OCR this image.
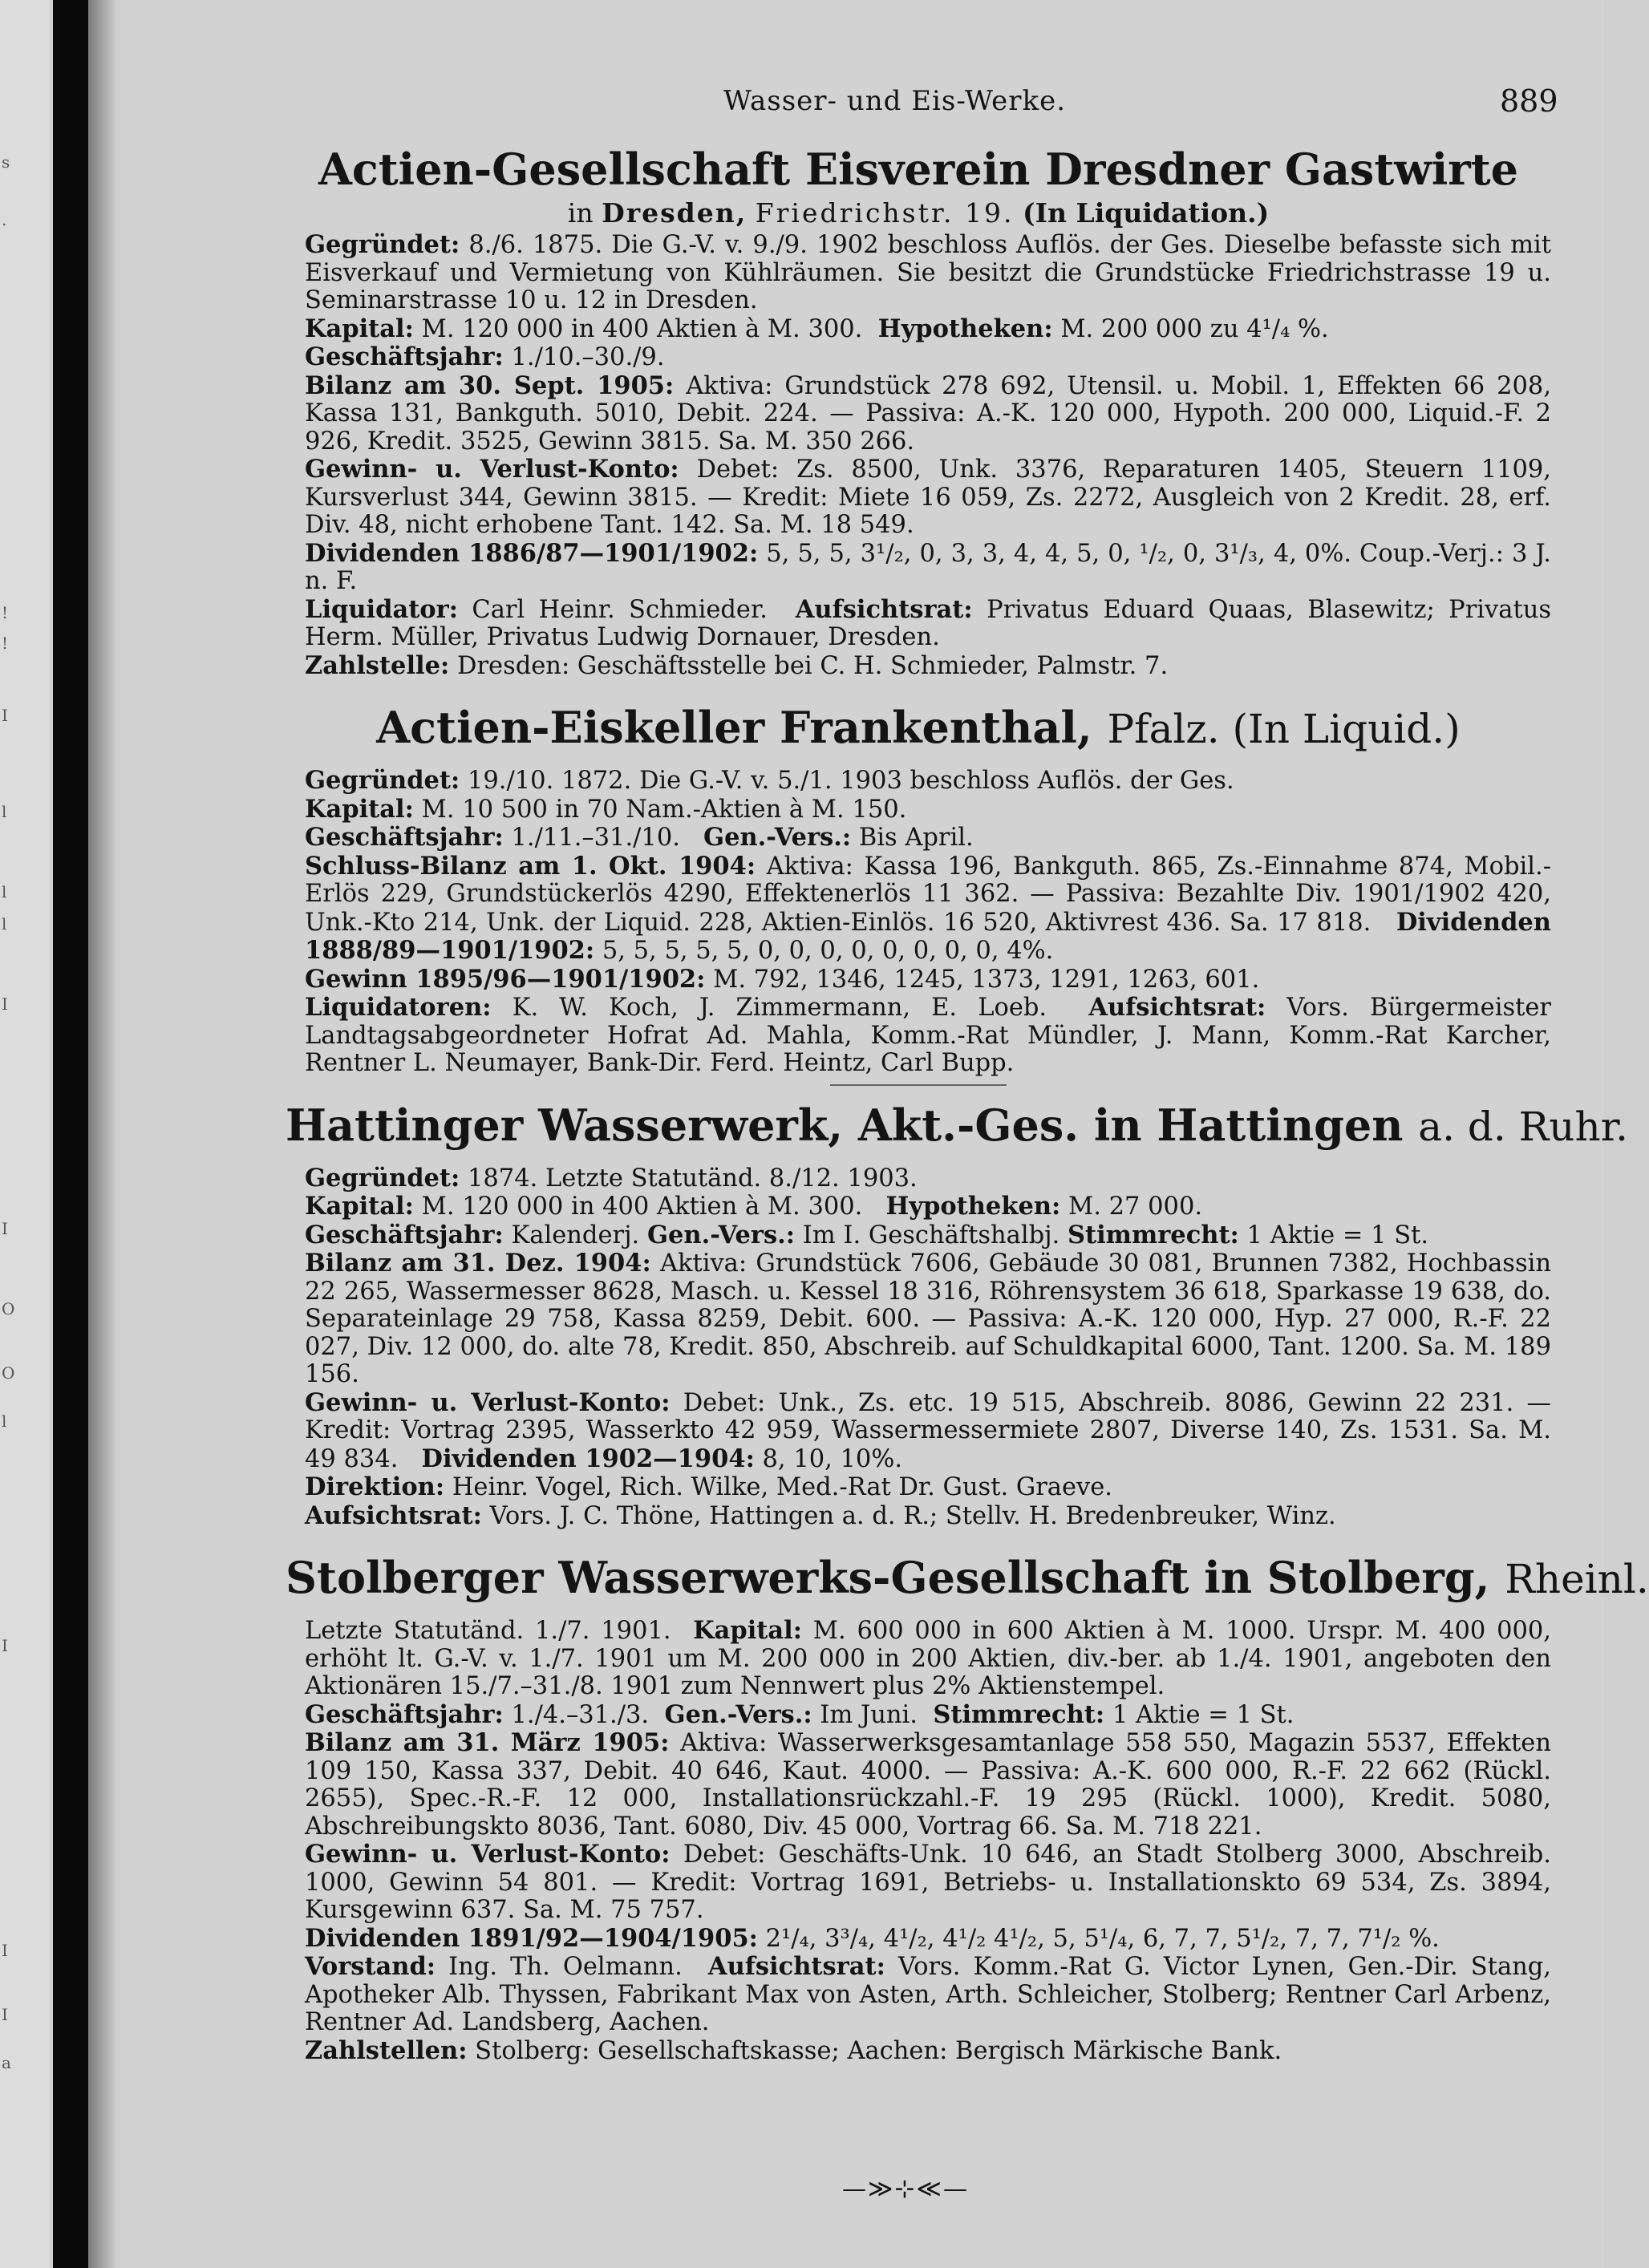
s
.
!
!
I
l
l
l
I
I
O
O
l
I
I
I
a
Wasser- und Eis-Werke.	889
Actien-Gesellschaft Eisverein Dresdner Gastwirte
in Dresden, Friedrichstr. 19. (In Liquidation.)

Gegründet: 8./6. 1875. Die G.-V. v. 9./9. 1902 beschloss Auflös. der Ges. Dieselbe befasste sich mit Eisverkauf und Vermietung von Kühlräumen. Sie besitzt die Grundstücke Friedrichstrasse 19 u. Seminarstrasse 10 u. 12 in Dresden.

Kapital: M. 120 000 in 400 Aktien à M. 300. Hypotheken: M. 200 000 zu 4¹/₄ %.

Geschäftsjahr: 1./10.–30./9.

Bilanz am 30. Sept. 1905: Aktiva: Grundstück 278 692, Utensil. u. Mobil. 1, Effekten 66 208, Kassa 131, Bankguth. 5010, Debit. 224. — Passiva: A.-K. 120 000, Hypoth. 200 000, Liquid.-F. 2 926, Kredit. 3525, Gewinn 3815. Sa. M. 350 266.

Gewinn- u. Verlust-Konto: Debet: Zs. 8500, Unk. 3376, Reparaturen 1405, Steuern 1109, Kursverlust 344, Gewinn 3815. — Kredit: Miete 16 059, Zs. 2272, Ausgleich von 2 Kredit. 28, erf. Div. 48, nicht erhobene Tant. 142. Sa. M. 18 549.

Dividenden 1886/87—1901/1902: 5, 5, 5, 3¹/₂, 0, 3, 3, 4, 4, 5, 0, ¹/₂, 0, 3¹/₃, 4, 0%. Coup.-Verj.: 3 J. n. F.

Liquidator: Carl Heinr. Schmieder. Aufsichtsrat: Privatus Eduard Quaas, Blasewitz; Privatus Herm. Müller, Privatus Ludwig Dornauer, Dresden.

Zahlstelle: Dresden: Geschäftsstelle bei C. H. Schmieder, Palmstr. 7.

Actien-Eiskeller Frankenthal, Pfalz. (In Liquid.)

Gegründet: 19./10. 1872. Die G.-V. v. 5./1. 1903 beschloss Auflös. der Ges.

Kapital: M. 10 500 in 70 Nam.-Aktien à M. 150.

Geschäftsjahr: 1./11.–31./10. Gen.-Vers.: Bis April.

Schluss-Bilanz am 1. Okt. 1904: Aktiva: Kassa 196, Bankguth. 865, Zs.-Einnahme 874, Mobil.-Erlös 229, Grundstückerlös 4290, Effektenerlös 11 362. — Passiva: Bezahlte Div. 1901/1902 420, Unk.-Kto 214, Unk. der Liquid. 228, Aktien-Einlös. 16 520, Aktivrest 436. Sa. 17 818. Dividenden 1888/89—1901/1902: 5, 5, 5, 5, 5, 0, 0, 0, 0, 0, 0, 0, 0, 4%.

Gewinn 1895/96—1901/1902: M. 792, 1346, 1245, 1373, 1291, 1263, 601.

Liquidatoren: K. W. Koch, J. Zimmermann, E. Loeb. Aufsichtsrat: Vors. Bürgermeister Landtagsabgeordneter Hofrat Ad. Mahla, Komm.-Rat Mündler, J. Mann, Komm.-Rat Karcher, Rentner L. Neumayer, Bank-Dir. Ferd. Heintz, Carl Bupp.

Hattinger Wasserwerk, Akt.-Ges. in Hattingen a. d. Ruhr.

Gegründet: 1874. Letzte Statutänd. 8./12. 1903.

Kapital: M. 120 000 in 400 Aktien à M. 300. Hypotheken: M. 27 000.

Geschäftsjahr: Kalenderj. Gen.-Vers.: Im I. Geschäftshalbj. Stimmrecht: 1 Aktie = 1 St.

Bilanz am 31. Dez. 1904: Aktiva: Grundstück 7606, Gebäude 30 081, Brunnen 7382, Hochbassin 22 265, Wassermesser 8628, Masch. u. Kessel 18 316, Röhrensystem 36 618, Sparkasse 19 638, do. Separateinlage 29 758, Kassa 8259, Debit. 600. — Passiva: A.-K. 120 000, Hyp. 27 000, R.-F. 22 027, Div. 12 000, do. alte 78, Kredit. 850, Abschreib. auf Schuldkapital 6000, Tant. 1200. Sa. M. 189 156.

Gewinn- u. Verlust-Konto: Debet: Unk., Zs. etc. 19 515, Abschreib. 8086, Gewinn 22 231. — Kredit: Vortrag 2395, Wasserkto 42 959, Wassermessermiete 2807, Diverse 140, Zs. 1531. Sa. M. 49 834. Dividenden 1902—1904: 8, 10, 10%.

Direktion: Heinr. Vogel, Rich. Wilke, Med.-Rat Dr. Gust. Graeve.

Aufsichtsrat: Vors. J. C. Thöne, Hattingen a. d. R.; Stellv. H. Bredenbreuker, Winz.

Stolberger Wasserwerks-Gesellschaft in Stolberg, Rheinl.

Letzte Statutänd. 1./7. 1901. Kapital: M. 600 000 in 600 Aktien à M. 1000. Urspr. M. 400 000, erhöht lt. G.-V. v. 1./7. 1901 um M. 200 000 in 200 Aktien, div.-ber. ab 1./4. 1901, angeboten den Aktionären 15./7.–31./8. 1901 zum Nennwert plus 2% Aktienstempel.

Geschäftsjahr: 1./4.–31./3. Gen.-Vers.: Im Juni. Stimmrecht: 1 Aktie = 1 St.

Bilanz am 31. März 1905: Aktiva: Wasserwerksgesamtanlage 558 550, Magazin 5537, Effekten 109 150, Kassa 337, Debit. 40 646, Kaut. 4000. — Passiva: A.-K. 600 000, R.-F. 22 662 (Rückl. 2655), Spec.-R.-F. 12 000, Installationsrückzahl.-F. 19 295 (Rückl. 1000), Kredit. 5080, Abschreibungskto 8036, Tant. 6080, Div. 45 000, Vortrag 66. Sa. M. 718 221.

Gewinn- u. Verlust-Konto: Debet: Geschäfts-Unk. 10 646, an Stadt Stolberg 3000, Abschreib. 1000, Gewinn 54 801. — Kredit: Vortrag 1691, Betriebs- u. Installationskto 69 534, Zs. 3894, Kursgewinn 637. Sa. M. 75 757.

Dividenden 1891/92—1904/1905: 2¹/₄, 3³/₄, 4¹/₂, 4¹/₂ 4¹/₂, 5, 5¹/₄, 6, 7, 7, 5¹/₂, 7, 7, 7¹/₂ %.

Vorstand: Ing. Th. Oelmann. Aufsichtsrat: Vors. Komm.-Rat G. Victor Lynen, Gen.-Dir. Stang, Apotheker Alb. Thyssen, Fabrikant Max von Asten, Arth. Schleicher, Stolberg; Rentner Carl Arbenz, Rentner Ad. Landsberg, Aachen.

Zahlstellen: Stolberg: Gesellschaftskasse; Aachen: Bergisch Märkische Bank.

—≫⊹≪—
